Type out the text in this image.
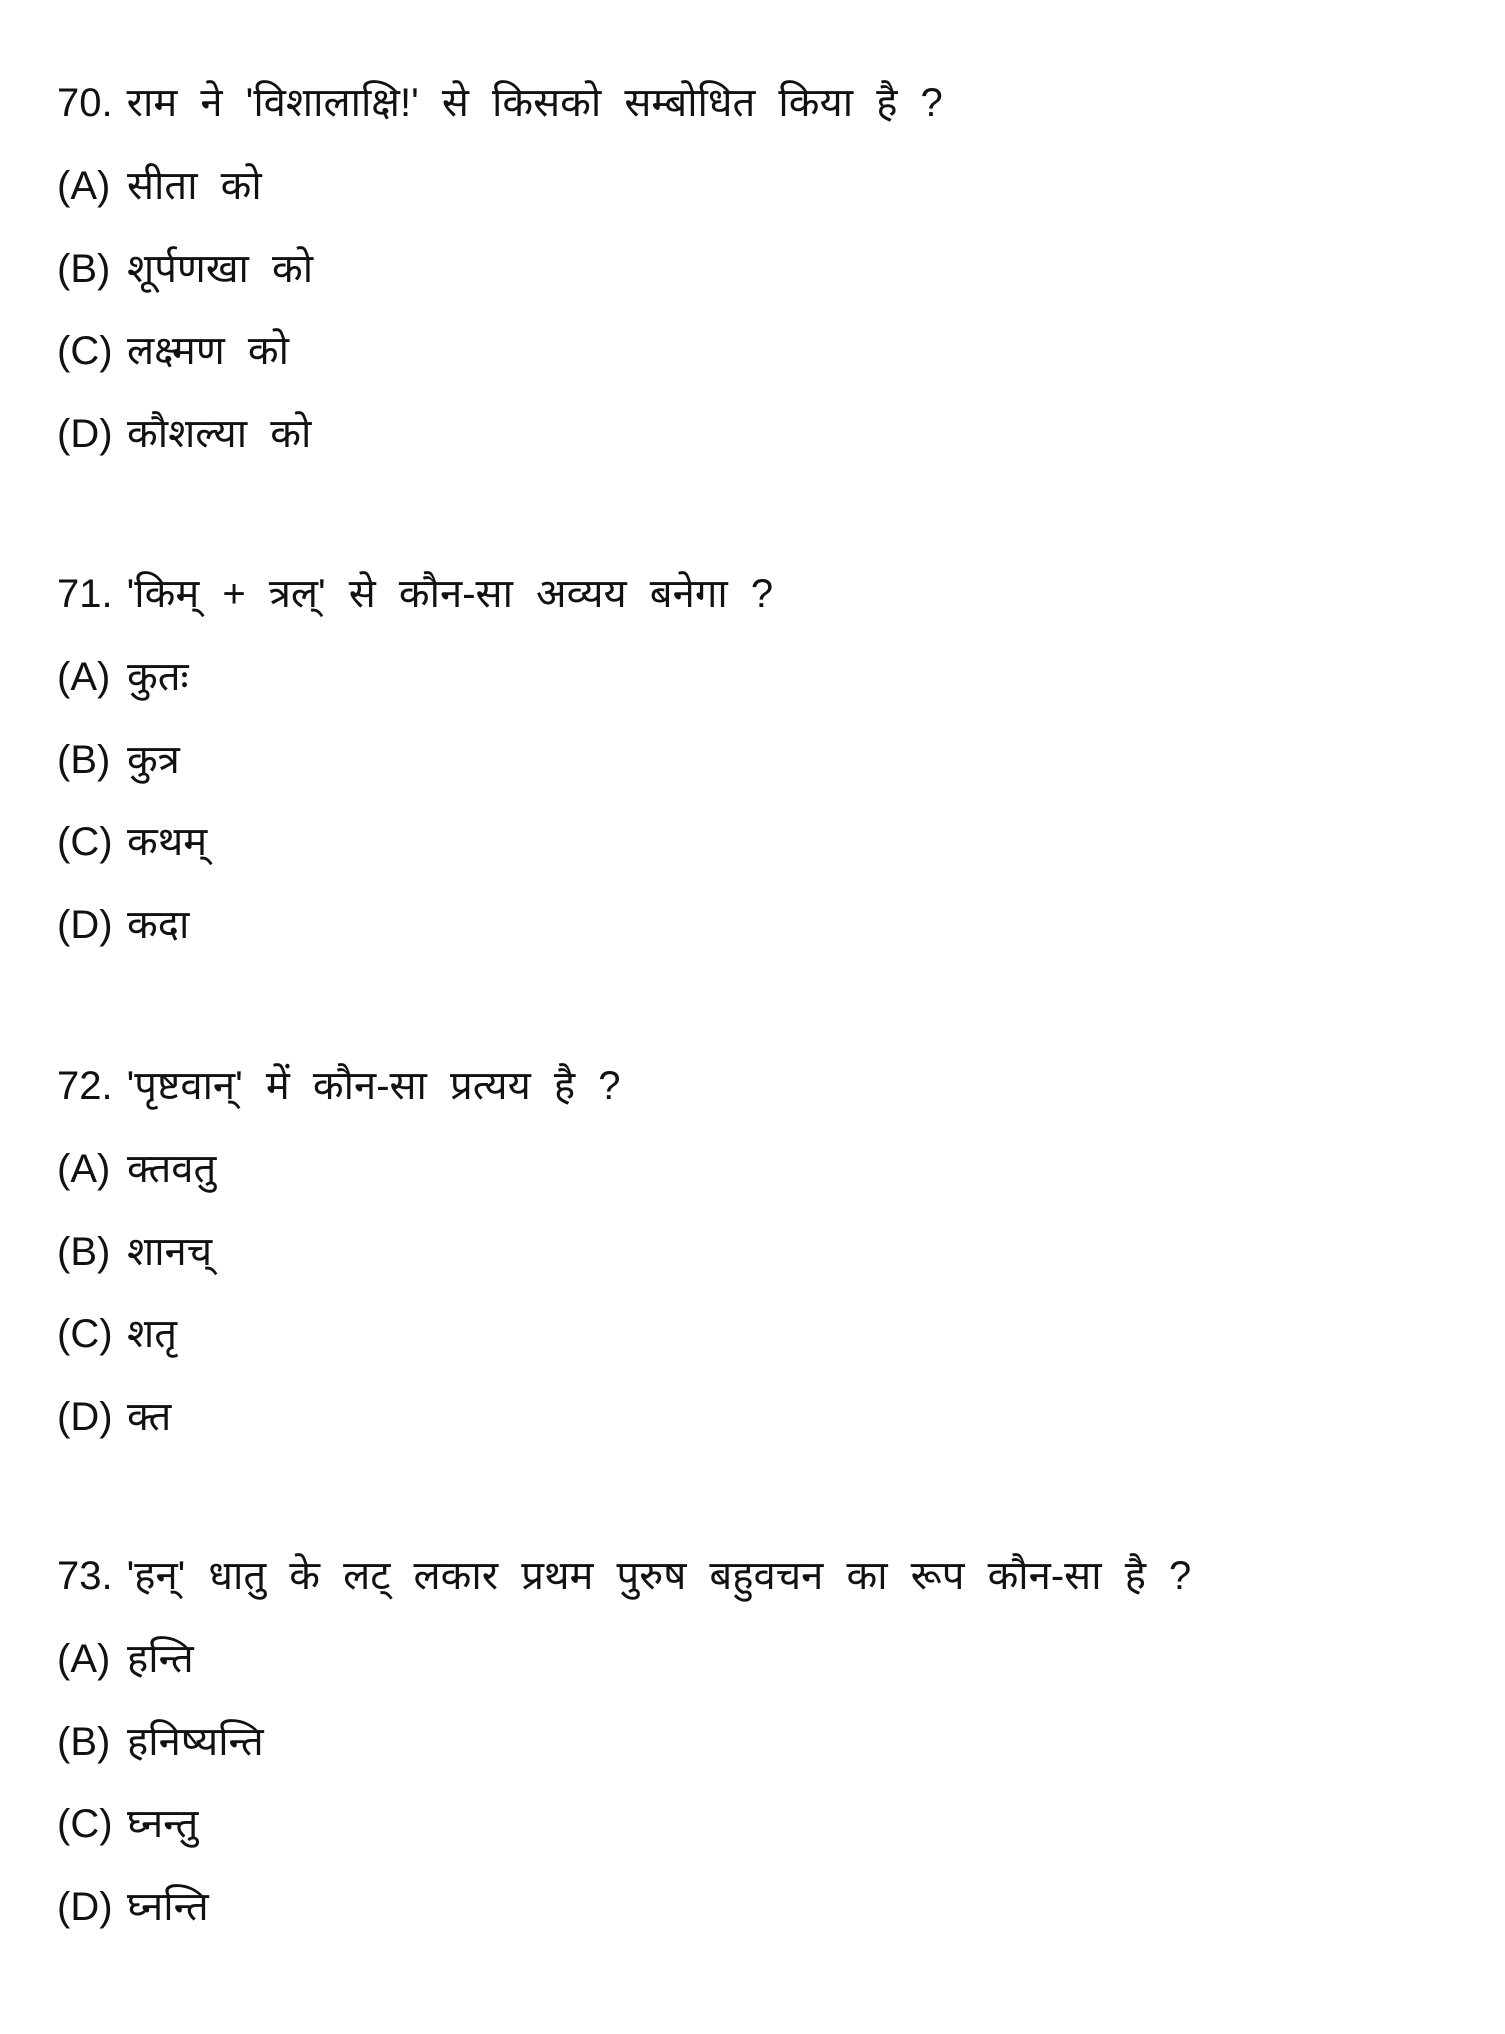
70. राम ने 'विशालाक्षि!' से किसको सम्बोधित किया है ?
(A) सीता को
(B) शूर्पणखा को
(C) लक्ष्मण को
(D) कौशल्या को
71. 'किम् + त्रल्' से कौन-सा अव्यय बनेगा ?
(A) कुतः
(B) कुत्र
(C) कथम्
(D) कदा
72. 'पृष्टवान्' में कौन-सा प्रत्यय है ?
(A) क्तवतु
(B) शानच्
(C) शतृ
(D) क्त
73. 'हन्' धातु के लट् लकार प्रथम पुरुष बहुवचन का रूप कौन-सा है ?
(A) हन्ति
(B) हनिष्यन्ति
(C) घ्नन्तु
(D) घ्नन्ति
